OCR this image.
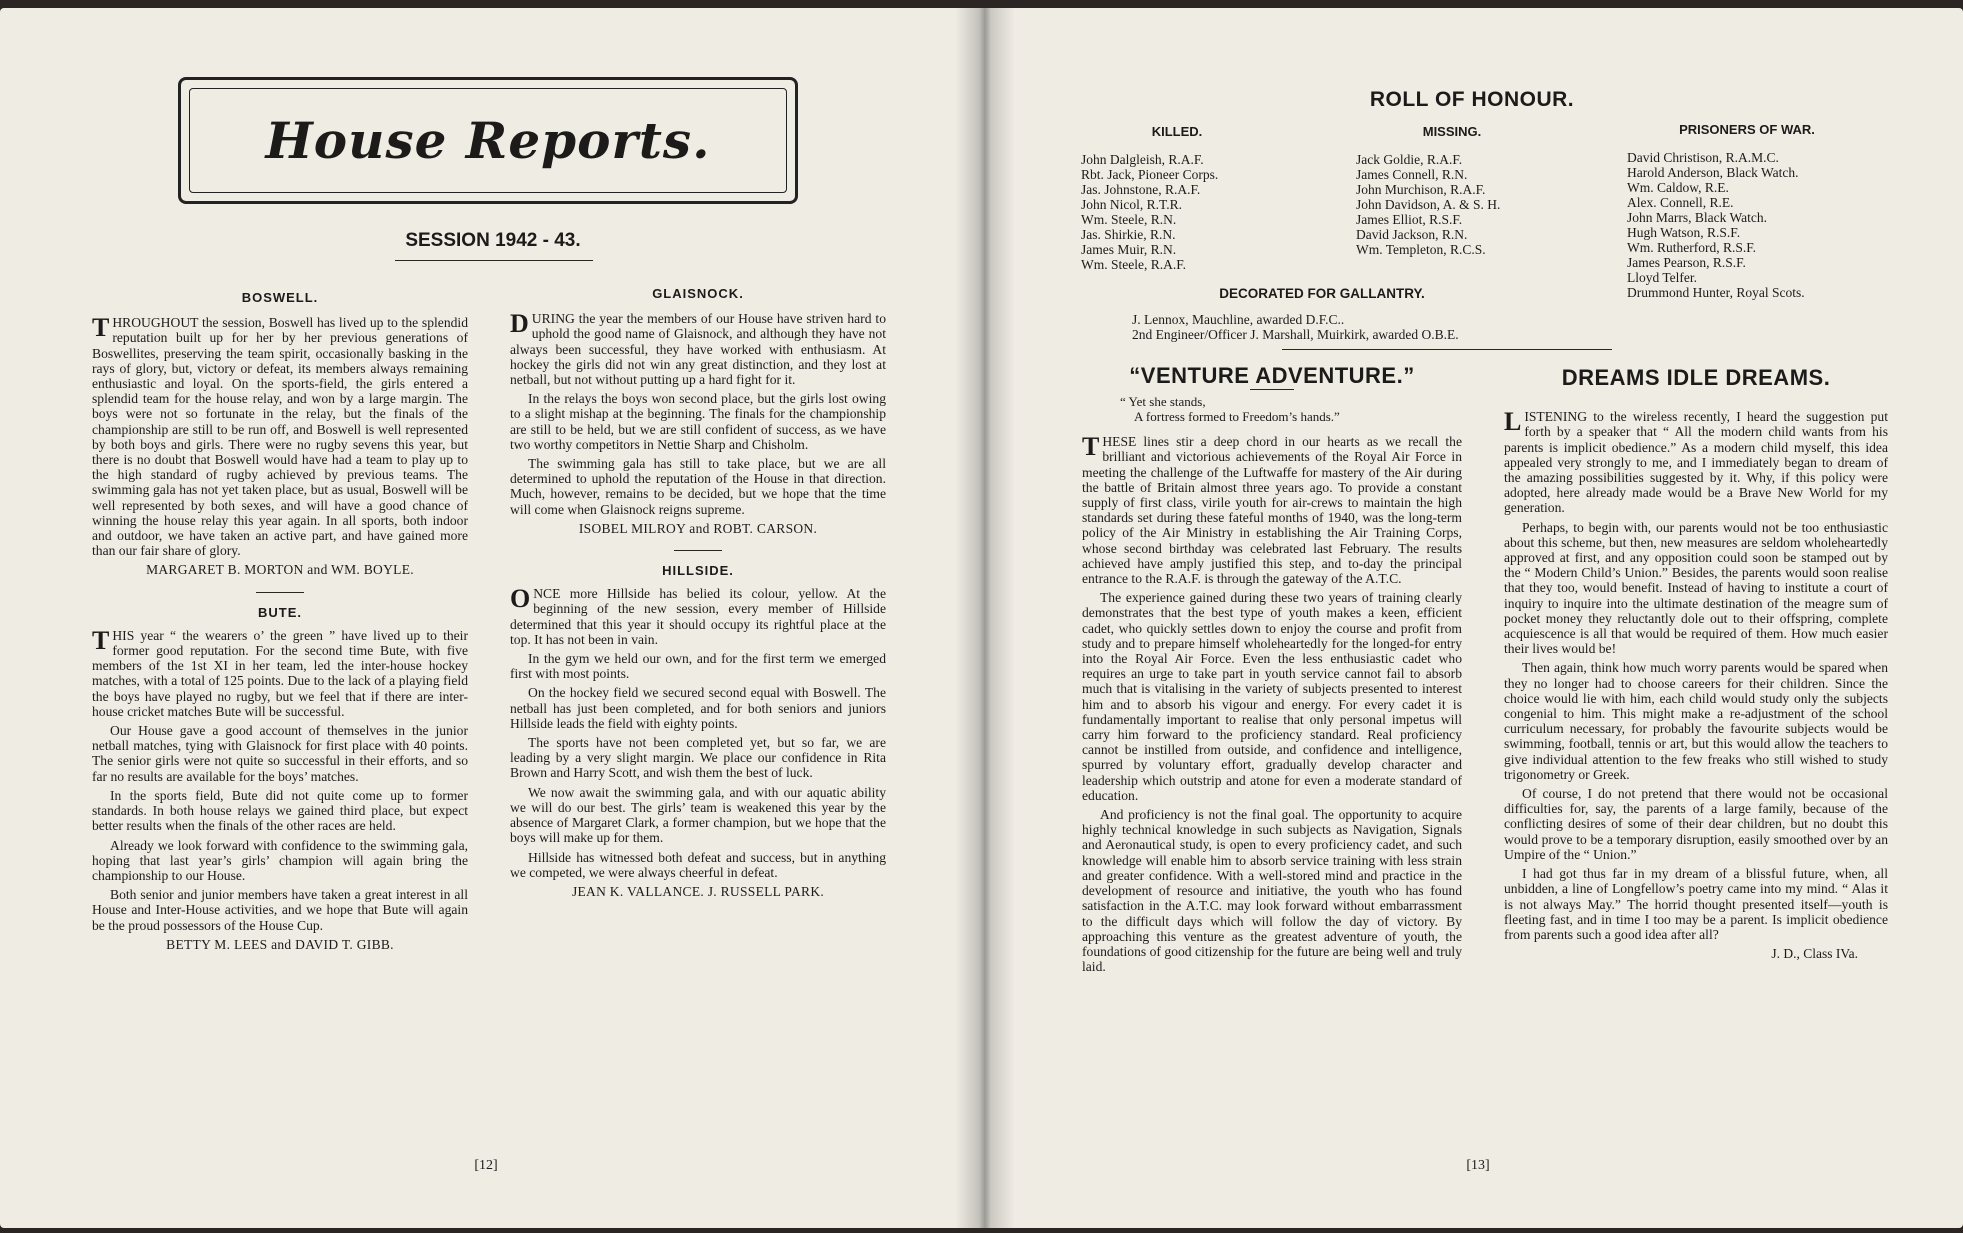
House Reports.
SESSION 1942 - 43.
BOSWELL.

THROUGHOUT the session, Boswell has lived up to the splendid reputation built up for her by her previous generations of Boswellites, preserving the team spirit, occasionally basking in the rays of glory, but, victory or defeat, its members always remaining enthusiastic and loyal. On the sports-field, the girls entered a splendid team for the house relay, and won by a large margin. The boys were not so fortunate in the relay, but the finals of the championship are still to be run off, and Boswell is well represented by both boys and girls. There were no rugby sevens this year, but there is no doubt that Boswell would have had a team to play up to the high standard of rugby achieved by previous teams. The swimming gala has not yet taken place, but as usual, Boswell will be well represented by both sexes, and will have a good chance of winning the house relay this year again. In all sports, both indoor and outdoor, we have taken an active part, and have gained more than our fair share of glory.

MARGARET B. MORTON and WM. BOYLE.
BUTE.

THIS year “ the wearers o’ the green ” have lived up to their former good reputation. For the second time Bute, with five members of the 1st XI in her team, led the inter-house hockey matches, with a total of 125 points. Due to the lack of a playing field the boys have played no rugby, but we feel that if there are inter-house cricket matches Bute will be successful.

Our House gave a good account of themselves in the junior netball matches, tying with Glaisnock for first place with 40 points. The senior girls were not quite so successful in their efforts, and so far no results are available for the boys’ matches.

In the sports field, Bute did not quite come up to former standards. In both house relays we gained third place, but expect better results when the finals of the other races are held.

Already we look forward with confidence to the swimming gala, hoping that last year’s girls’ champion will again bring the championship to our House.

Both senior and junior members have taken a great interest in all House and Inter-House activities, and we hope that Bute will again be the proud possessors of the House Cup.

BETTY M. LEES and DAVID T. GIBB.
GLAISNOCK.

DURING the year the members of our House have striven hard to uphold the good name of Glaisnock, and although they have not always been successful, they have worked with enthusiasm. At hockey the girls did not win any great distinction, and they lost at netball, but not without putting up a hard fight for it.

In the relays the boys won second place, but the girls lost owing to a slight mishap at the beginning. The finals for the championship are still to be held, but we are still confident of success, as we have two worthy competitors in Nettie Sharp and Chisholm.

The swimming gala has still to take place, but we are all determined to uphold the reputation of the House in that direction. Much, however, remains to be decided, but we hope that the time will come when Glaisnock reigns supreme.

ISOBEL MILROY and ROBT. CARSON.
HILLSIDE.

ONCE more Hillside has belied its colour, yellow. At the beginning of the new session, every member of Hillside determined that this year it should occupy its rightful place at the top. It has not been in vain.

In the gym we held our own, and for the first term we emerged first with most points.

On the hockey field we secured second equal with Boswell. The netball has just been completed, and for both seniors and juniors Hillside leads the field with eighty points.

The sports have not been completed yet, but so far, we are leading by a very slight margin. We place our confidence in Rita Brown and Harry Scott, and wish them the best of luck.

We now await the swimming gala, and with our aquatic ability we will do our best. The girls’ team is weakened this year by the absence of Margaret Clark, a former champion, but we hope that the boys will make up for them.

Hillside has witnessed both defeat and success, but in anything we competed, we were always cheerful in defeat.

JEAN K. VALLANCE. J. RUSSELL PARK.
[12]
ROLL OF HONOUR.
KILLED.
John Dalgleish, R.A.F.
Rbt. Jack, Pioneer Corps.
Jas. Johnstone, R.A.F.
John Nicol, R.T.R.
Wm. Steele, R.N.
Jas. Shirkie, R.N.
James Muir, R.N.
Wm. Steele, R.A.F.
MISSING.
Jack Goldie, R.A.F.
James Connell, R.N.
John Murchison, R.A.F.
John Davidson, A. & S. H.
James Elliot, R.S.F.
David Jackson, R.N.
Wm. Templeton, R.C.S.
PRISONERS OF WAR.
David Christison, R.A.M.C.
Harold Anderson, Black Watch.
Wm. Caldow, R.E.
Alex. Connell, R.E.
John Marrs, Black Watch.
Hugh Watson, R.S.F.
Wm. Rutherford, R.S.F.
James Pearson, R.S.F.
Lloyd Telfer.
Drummond Hunter, Royal Scots.
DECORATED FOR GALLANTRY.
J. Lennox, Mauchline, awarded D.F.C..
2nd Engineer/Officer J. Marshall, Muirkirk, awarded O.B.E.
“VENTURE ADVENTURE.”
“ Yet she stands,
A fortress formed to Freedom’s hands.”

THESE lines stir a deep chord in our hearts as we recall the brilliant and victorious achievements of the Royal Air Force in meeting the challenge of the Luftwaffe for mastery of the Air during the battle of Britain almost three years ago. To provide a constant supply of first class, virile youth for air-crews to maintain the high standards set during these fateful months of 1940, was the long-term policy of the Air Ministry in establishing the Air Training Corps, whose second birthday was celebrated last February. The results achieved have amply justified this step, and to-day the principal entrance to the R.A.F. is through the gateway of the A.T.C.

The experience gained during these two years of training clearly demonstrates that the best type of youth makes a keen, efficient cadet, who quickly settles down to enjoy the course and profit from study and to prepare himself wholeheartedly for the longed-for entry into the Royal Air Force. Even the less enthusiastic cadet who requires an urge to take part in youth service cannot fail to absorb much that is vitalising in the variety of subjects presented to interest him and to absorb his vigour and energy. For every cadet it is fundamentally important to realise that only personal impetus will carry him forward to the proficiency standard. Real proficiency cannot be instilled from outside, and confidence and intelligence, spurred by voluntary effort, gradually develop character and leadership which outstrip and atone for even a moderate standard of education.

And proficiency is not the final goal. The opportunity to acquire highly technical knowledge in such subjects as Navigation, Signals and Aeronautical study, is open to every proficiency cadet, and such knowledge will enable him to absorb service training with less strain and greater confidence. With a well-stored mind and practice in the development of resource and initiative, the youth who has found satisfaction in the A.T.C. may look forward without embarrassment to the difficult days which will follow the day of victory. By approaching this venture as the greatest adventure of youth, the foundations of good citizenship for the future are being well and truly laid.

DREAMS IDLE DREAMS.

LISTENING to the wireless recently, I heard the suggestion put forth by a speaker that “ All the modern child wants from his parents is implicit obedience.” As a modern child myself, this idea appealed very strongly to me, and I immediately began to dream of the amazing possibilities suggested by it. Why, if this policy were adopted, here already made would be a Brave New World for my generation.

Perhaps, to begin with, our parents would not be too enthusiastic about this scheme, but then, new measures are seldom wholeheartedly approved at first, and any opposition could soon be stamped out by the “ Modern Child’s Union.” Besides, the parents would soon realise that they too, would benefit. Instead of having to institute a court of inquiry to inquire into the ultimate destination of the meagre sum of pocket money they reluctantly dole out to their offspring, complete acquiescence is all that would be required of them. How much easier their lives would be!

Then again, think how much worry parents would be spared when they no longer had to choose careers for their children. Since the choice would lie with him, each child would study only the subjects congenial to him. This might make a re-adjustment of the school curriculum necessary, for probably the favourite subjects would be swimming, football, tennis or art, but this would allow the teachers to give individual attention to the few freaks who still wished to study trigonometry or Greek.

Of course, I do not pretend that there would not be occasional difficulties for, say, the parents of a large family, because of the conflicting desires of some of their dear children, but no doubt this would prove to be a temporary disruption, easily smoothed over by an Umpire of the “ Union.”

I had got thus far in my dream of a blissful future, when, all unbidden, a line of Longfellow’s poetry came into my mind. “ Alas it is not always May.” The horrid thought presented itself—youth is fleeting fast, and in time I too may be a parent. Is implicit obedience from parents such a good idea after all?

J. D., Class IVa.
[13]
